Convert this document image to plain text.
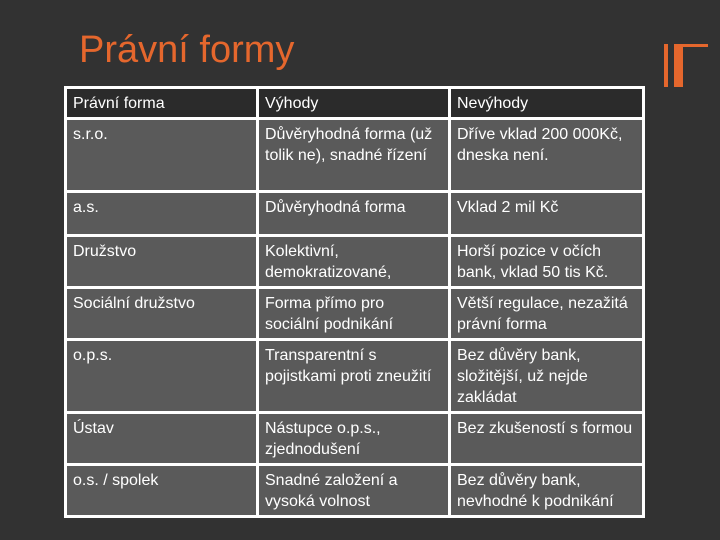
Právní formy
Právní forma	Výhody	Nevýhody
s.r.o.	Důvěryhodná forma (už tolik ne), snadné řízení	Dříve vklad 200 000Kč, dneska není.
a.s.	Důvěryhodná forma	Vklad 2 mil Kč
Družstvo	Kolektivní, demokratizované,	Horší pozice v očích bank, vklad 50 tis Kč.
Sociální družstvo	Forma přímo pro sociální podnikání	Větší regulace, nezažitá právní forma
o.p.s.	Transparentní s pojistkami proti zneužití	Bez důvěry bank, složitější, už nejde zakládat
Ústav	Nástupce o.p.s., zjednodušení	Bez zkušeností s formou
o.s. / spolek	Snadné založení a vysoká volnost	Bez důvěry bank, nevhodné k podnikání
